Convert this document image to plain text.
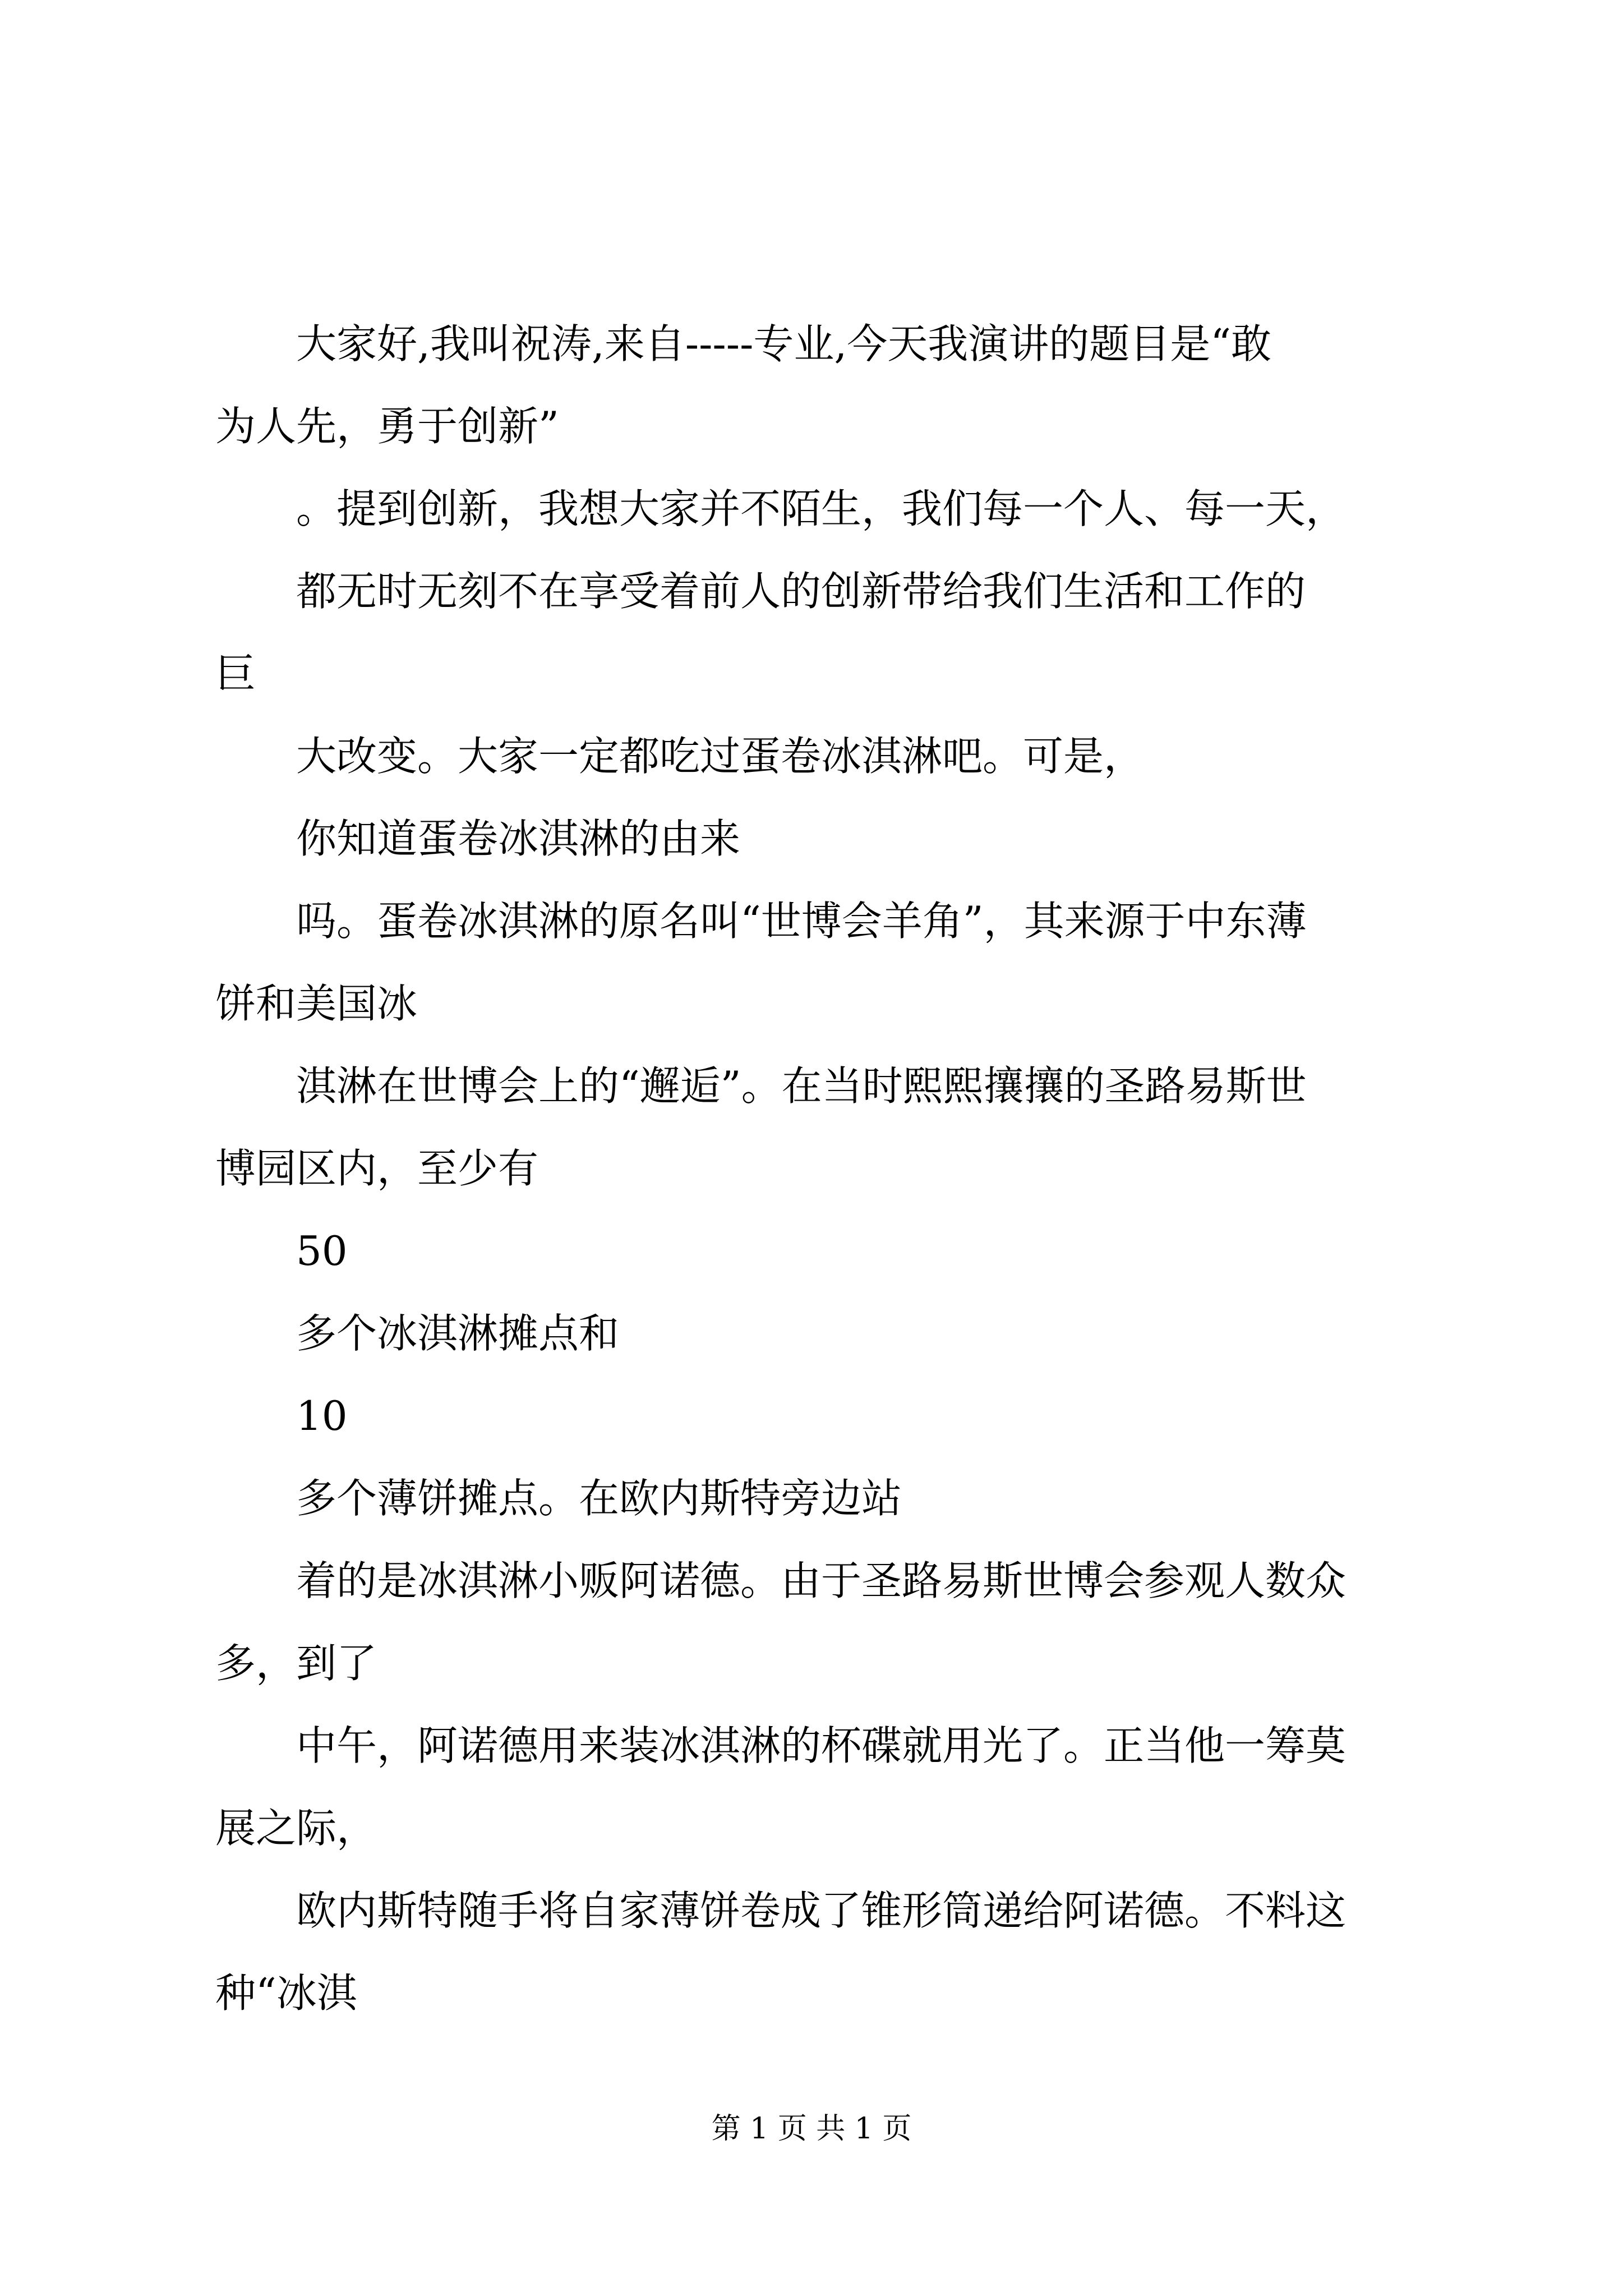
　　大家好,我叫祝涛,来自-----专业,今天我演讲的题目是“敢

为人先，勇于创新”

　　。提到创新，我想大家并不陌生，我们每一个人、每一天，

　　都无时无刻不在享受着前人的创新带给我们生活和工作的

巨

　　大改变。大家一定都吃过蛋卷冰淇淋吧。可是，

　　你知道蛋卷冰淇淋的由来

　　吗。蛋卷冰淇淋的原名叫“世博会羊角”，其来源于中东薄

饼和美国冰

　　淇淋在世博会上的“邂逅”。在当时熙熙攘攘的圣路易斯世

博园区内，至少有

　　50

　　多个冰淇淋摊点和

　　10

　　多个薄饼摊点。在欧内斯特旁边站

　　着的是冰淇淋小贩阿诺德。由于圣路易斯世博会参观人数众

多，到了

　　中午，阿诺德用来装冰淇淋的杯碟就用光了。正当他一筹莫

展之际，

　　欧内斯特随手将自家薄饼卷成了锥形筒递给阿诺德。不料这

种“冰淇

第 1 页 共 1 页
